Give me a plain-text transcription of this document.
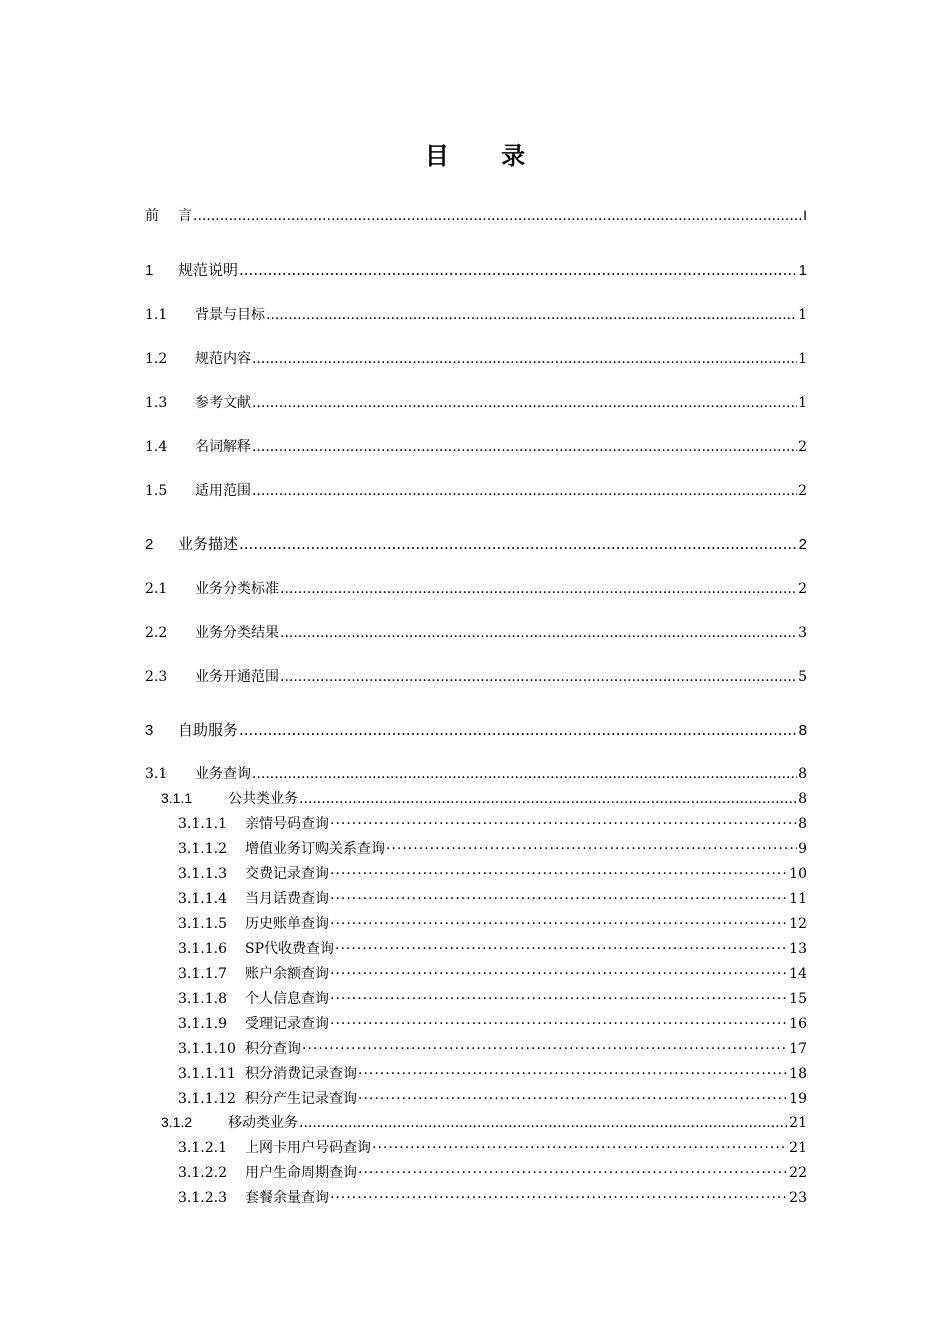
目 录
前	言 .....	I
1	规范说明 .....	1
1.1	背景与目标 .....	1
1.2	规范内容 .....	1
1.3	参考文献 .....	1
1.4	名词解释 .....	2
1.5	适用范围 .....	2
2	业务描述 .....	2
2.1	业务分类标准 .....	2
2.2	业务分类结果 .....	3
2.3	业务开通范围 .....	5
3	自助服务 .....	8
3.1	业务查询 .....	8
3.1.1	公共类业务 .....	8
3.1.1.1	亲情号码查询 ·····	8
3.1.1.2	增值业务订购关系查询 ·····	9
3.1.1.3	交费记录查询 ·····	10
3.1.1.4	当月话费查询 ·····	11
3.1.1.5	历史账单查询 ·····	12
3.1.1.6	SP代收费查询 ·····	13
3.1.1.7	账户余额查询 ·····	14
3.1.1.8	个人信息查询 ·····	15
3.1.1.9	受理记录查询 ·····	16
3.1.1.10 积分查询 ·····	17
3.1.1.11 积分消费记录查询 ·····	18
3.1.1.12 积分产生记录查询 ·····	19
3.1.2	移动类业务 .....	21
3.1.2.1	上网卡用户号码查询 ·····	21
3.1.2.2	用户生命周期查询 ·····	22
3.1.2.3	套餐余量查询 ·····	23
